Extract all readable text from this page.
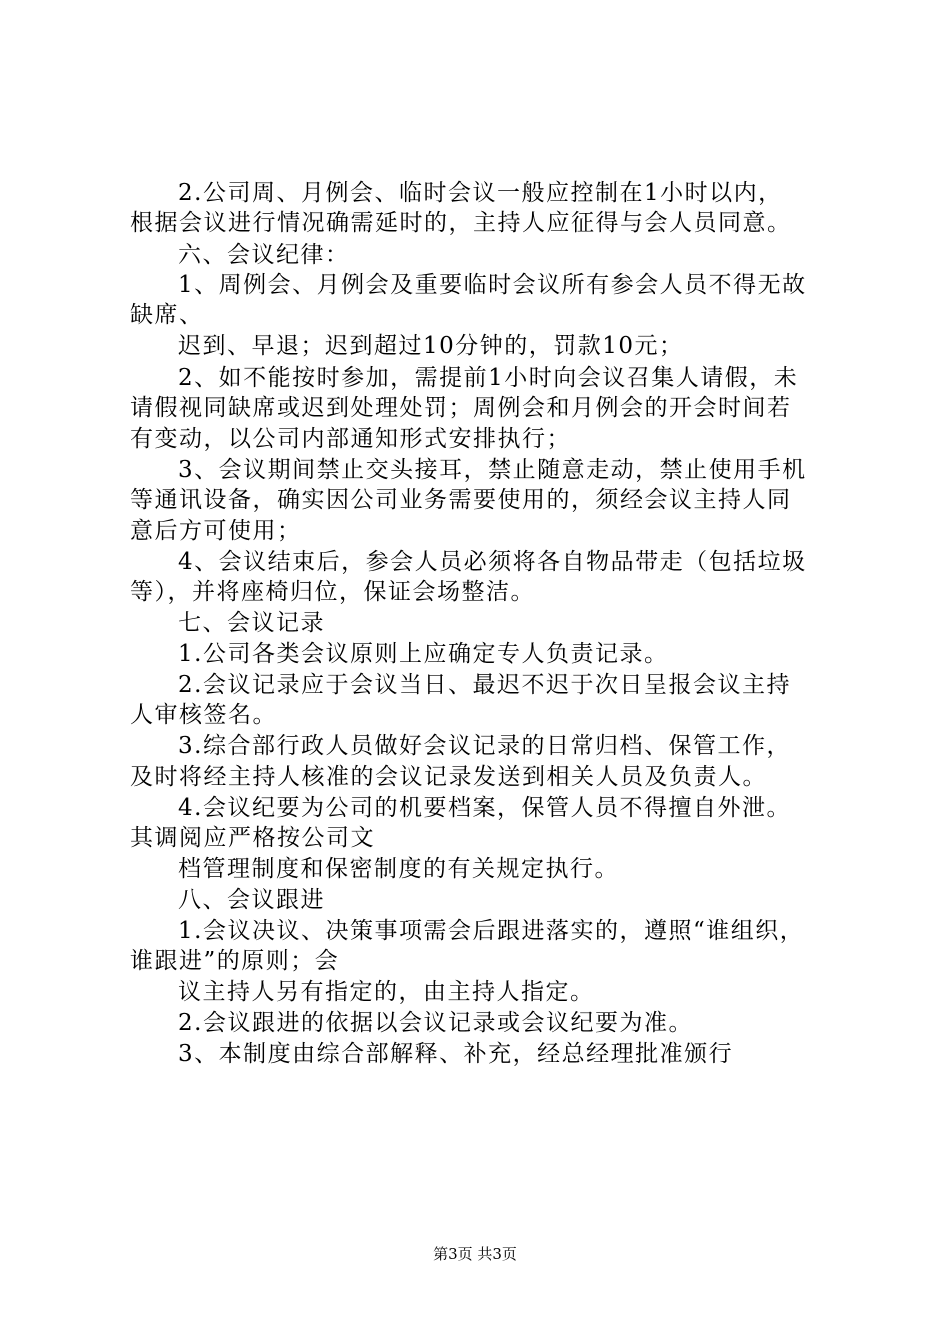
2.公司周、月例会、临时会议一般应控制在1小时以内，

根据会议进行情况确需延时的，主持人应征得与会人员同意。

六、会议纪律：

1、周例会、月例会及重要临时会议所有参会人员不得无故

缺席、

迟到、早退；迟到超过10分钟的，罚款10元；

2、如不能按时参加，需提前1小时向会议召集人请假，未

请假视同缺席或迟到处理处罚；周例会和月例会的开会时间若

有变动，以公司内部通知形式安排执行；

3、会议期间禁止交头接耳，禁止随意走动，禁止使用手机

等通讯设备，确实因公司业务需要使用的，须经会议主持人同

意后方可使用；

4、会议结束后，参会人员必须将各自物品带走（包括垃圾

等），并将座椅归位，保证会场整洁。

七、会议记录

1.公司各类会议原则上应确定专人负责记录。

2.会议记录应于会议当日、最迟不迟于次日呈报会议主持

人审核签名。

3.综合部行政人员做好会议记录的日常归档、保管工作，

及时将经主持人核准的会议记录发送到相关人员及负责人。

4.会议纪要为公司的机要档案，保管人员不得擅自外泄。

其调阅应严格按公司文

档管理制度和保密制度的有关规定执行。

八、会议跟进

1.会议决议、决策事项需会后跟进落实的，遵照“谁组织，

谁跟进”的原则；会

议主持人另有指定的，由主持人指定。

2.会议跟进的依据以会议记录或会议纪要为准。

3、本制度由综合部解释、补充，经总经理批准颁行

第3页 共3页
